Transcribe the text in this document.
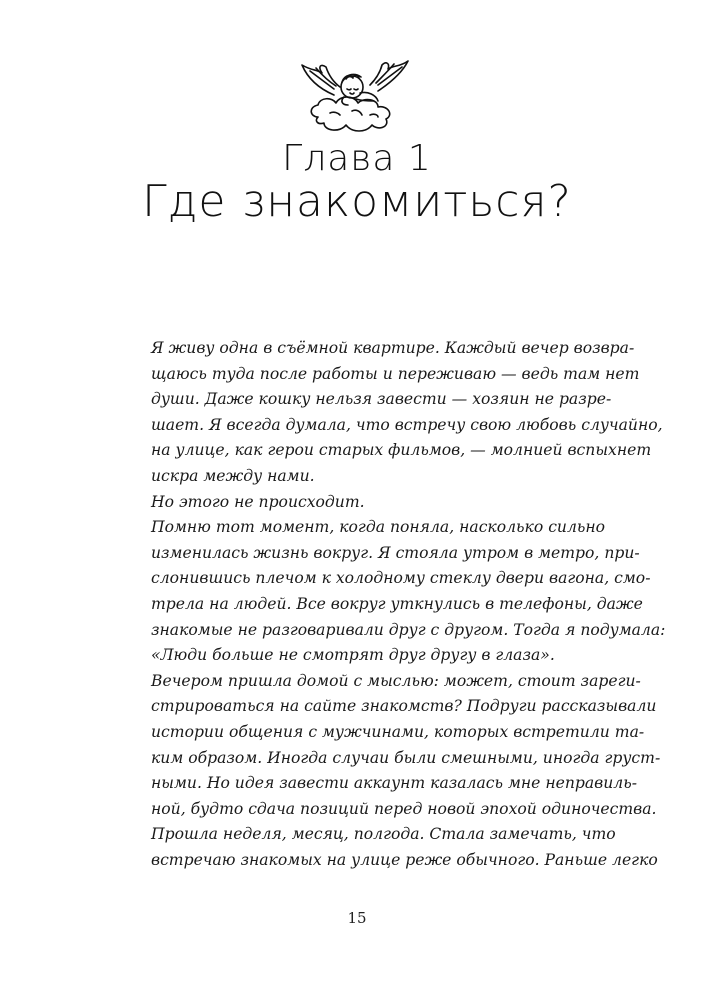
Глава 1
Где знакомиться?

Я живу одна в съёмной квартире. Каждый вечер возвра-
щаюсь туда после работы и переживаю — ведь там нет
души. Даже кошку нельзя завести — хозяин не разре-
шает. Я всегда думала, что встречу свою любовь случайно,
на улице, как герои старых фильмов, — молнией вспыхнет
искра между нами.

Но этого не происходит.

Помню тот момент, когда поняла, насколько сильно
изменилась жизнь вокруг. Я стояла утром в метро, при-
слонившись плечом к холодному стеклу двери вагона, смо-
трела на людей. Все вокруг уткнулись в телефоны, даже
знакомые не разговаривали друг с другом. Тогда я подумала:
«Люди больше не смотрят друг другу в глаза».

Вечером пришла домой с мыслью: может, стоит зареги-
стрироваться на сайте знакомств? Подруги рассказывали
истории общения с мужчинами, которых встретили та-
ким образом. Иногда случаи были смешными, иногда груст-
ными. Но идея завести аккаунт казалась мне неправиль-
ной, будто сдача позиций перед новой эпохой одиночества.

Прошла неделя, месяц, полгода. Стала замечать, что
встречаю знакомых на улице реже обычного. Раньше легко

15
